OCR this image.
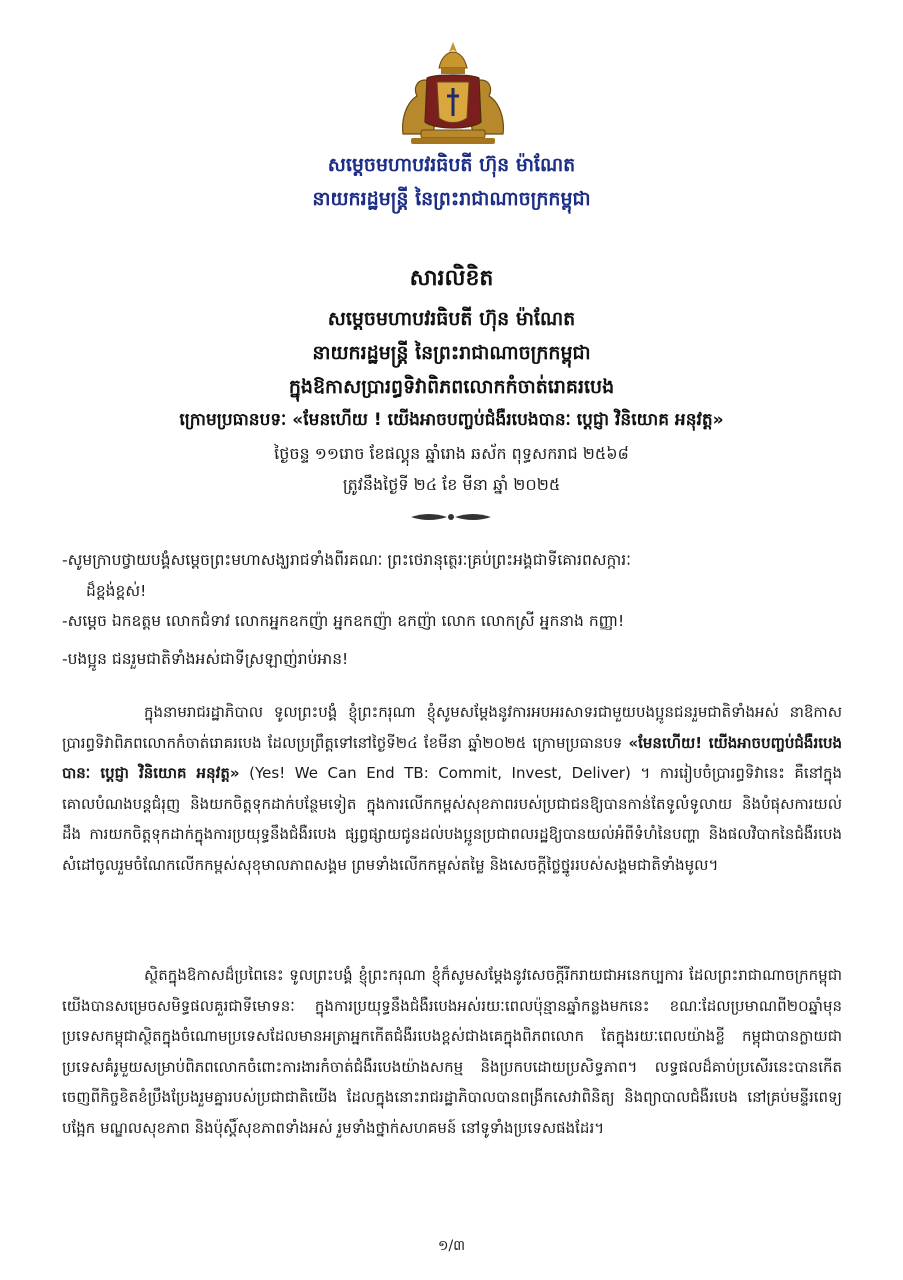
សម្តេចមហាបវរធិបតី ហ៊ុន ម៉ាណែត
នាយករដ្ឋមន្ត្រី នៃព្រះរាជាណាចក្រកម្ពុជា
សារលិខិត
សម្តេចមហាបវរធិបតី ហ៊ុន ម៉ាណែត
នាយករដ្ឋមន្ត្រី នៃព្រះរាជាណាចក្រកម្ពុជា
ក្នុងឱកាសប្រារព្ធទិវាពិភពលោកកំចាត់រោគរបេង
ក្រោមប្រធានបទៈ «មែនហើយ ! យើងអាចបញ្ចប់ជំងឺរបេងបានៈ ប្តេជ្ញា វិនិយោគ អនុវត្ត»
ថ្ងៃចន្ទ ១១រោច ខែផល្គុន ឆ្នាំរោង ឆស័ក ពុទ្ធសករាជ ២៥៦៨
ត្រូវនឹងថ្ងៃទី ២៤ ខែ មីនា ឆ្នាំ ២០២៥
-សូមក្រាបថ្វាយបង្គំសម្តេចព្រះមហាសង្ឃរាជទាំងពីរគណៈ ព្រះថេរានុត្ថេរៈគ្រប់ព្រះអង្គជាទីគោរពសក្ការៈ
ដ៏ខ្ពង់ខ្ពស់!
-សម្តេច ឯកឧត្តម លោកជំទាវ លោកអ្នកឧកញ៉ា អ្នកឧកញ៉ា ឧកញ៉ា លោក លោកស្រី អ្នកនាង កញ្ញា!
-បងប្អូន ជនរួមជាតិទាំងអស់ជាទីស្រឡាញ់រាប់អាន!
ក្នុងនាមរាជរដ្ឋាភិបាល ទូលព្រះបង្គំ ខ្ញុំព្រះករុណា ខ្ញុំសូមសម្តែងនូវការអបអរសាទរជាមួយបងប្អូនជនរួមជាតិទាំងអស់ នាឱកាសប្រារព្ធទិវាពិភពលោកកំចាត់រោគរបេង ដែលប្រព្រឹត្តទៅនៅថ្ងៃទី២៤ ខែមីនា ឆ្នាំ២០២៥ ក្រោមប្រធានបទ «មែនហើយ! យើងអាចបញ្ចប់ជំងឺរបេងបានៈ ប្តេជ្ញា វិនិយោគ អនុវត្ត» (Yes! We Can End TB: Commit, Invest, Deliver) ។ ការរៀបចំប្រារព្ធទិវានេះ គឺនៅក្នុងគោលបំណងបន្តជំរុញ និងយកចិត្តទុកដាក់បន្ថែមទៀត ក្នុងការលើកកម្ពស់សុខភាពរបស់ប្រជាជនឱ្យបានកាន់តែទូលំទូលាយ និងបំផុសការយល់ដឹង ការយកចិត្តទុកដាក់ក្នុងការប្រយុទ្ធនឹងជំងឺរបេង ផ្សព្វផ្សាយជូនដល់បងប្អូនប្រជាពលរដ្ឋឱ្យបានយល់អំពីទំហំនៃបញ្ហា និងផលវិបាកនៃជំងឺរបេងសំដៅចូលរួមចំណែកលើកកម្ពស់សុខុមាលភាពសង្គម ព្រមទាំងលើកកម្ពស់តម្លៃ និងសេចក្តីថ្លៃថ្នូររបស់សង្គមជាតិទាំងមូល។
ស្ថិតក្នុងឱកាសដ៏ប្រពៃនេះ ទូលព្រះបង្គំ ខ្ញុំព្រះករុណា ខ្ញុំក៏សូមសម្តែងនូវសេចក្តីរីករាយជាអនេកប្បការ ដែលព្រះរាជាណាចក្រកម្ពុជាយើងបានសម្រេចសមិទ្ធផលគួរជាទីមោទនៈ ក្នុងការប្រយុទ្ធនឹងជំងឺរបេងអស់រយៈពេលប៉ុន្មានឆ្នាំកន្លងមកនេះ ខណៈដែលប្រមាណពី២០ឆ្នាំមុន ប្រទេសកម្ពុជាស្ថិតក្នុងចំណោមប្រទេសដែលមានអត្រាអ្នកកើតជំងឺរបេងខ្ពស់ជាងគេក្នុងពិភពលោក តែក្នុងរយៈពេលយ៉ាងខ្លី កម្ពុជាបានក្លាយជាប្រទេសគំរូមួយសម្រាប់ពិភពលោកចំពោះការងារកំចាត់ជំងឺរបេងយ៉ាងសកម្ម និងប្រកបដោយប្រសិទ្ធភាព។ លទ្ធផលដ៏គាប់ប្រសើរនេះបានកើតចេញពីកិច្ចខិតខំប្រឹងប្រែងរួមគ្នារបស់ប្រជាជាតិយើង ដែលក្នុងនោះរាជរដ្ឋាភិបាលបានពង្រីកសេវាពិនិត្យ និងព្យាបាលជំងឺរបេង នៅគ្រប់មន្ទីរពេទ្យបង្អែក មណ្ឌលសុខភាព និងប៉ុស្តិ៍សុខភាពទាំងអស់ រួមទាំងថ្នាក់សហគមន៍ នៅទូទាំងប្រទេសផងដែរ។
១/៣
